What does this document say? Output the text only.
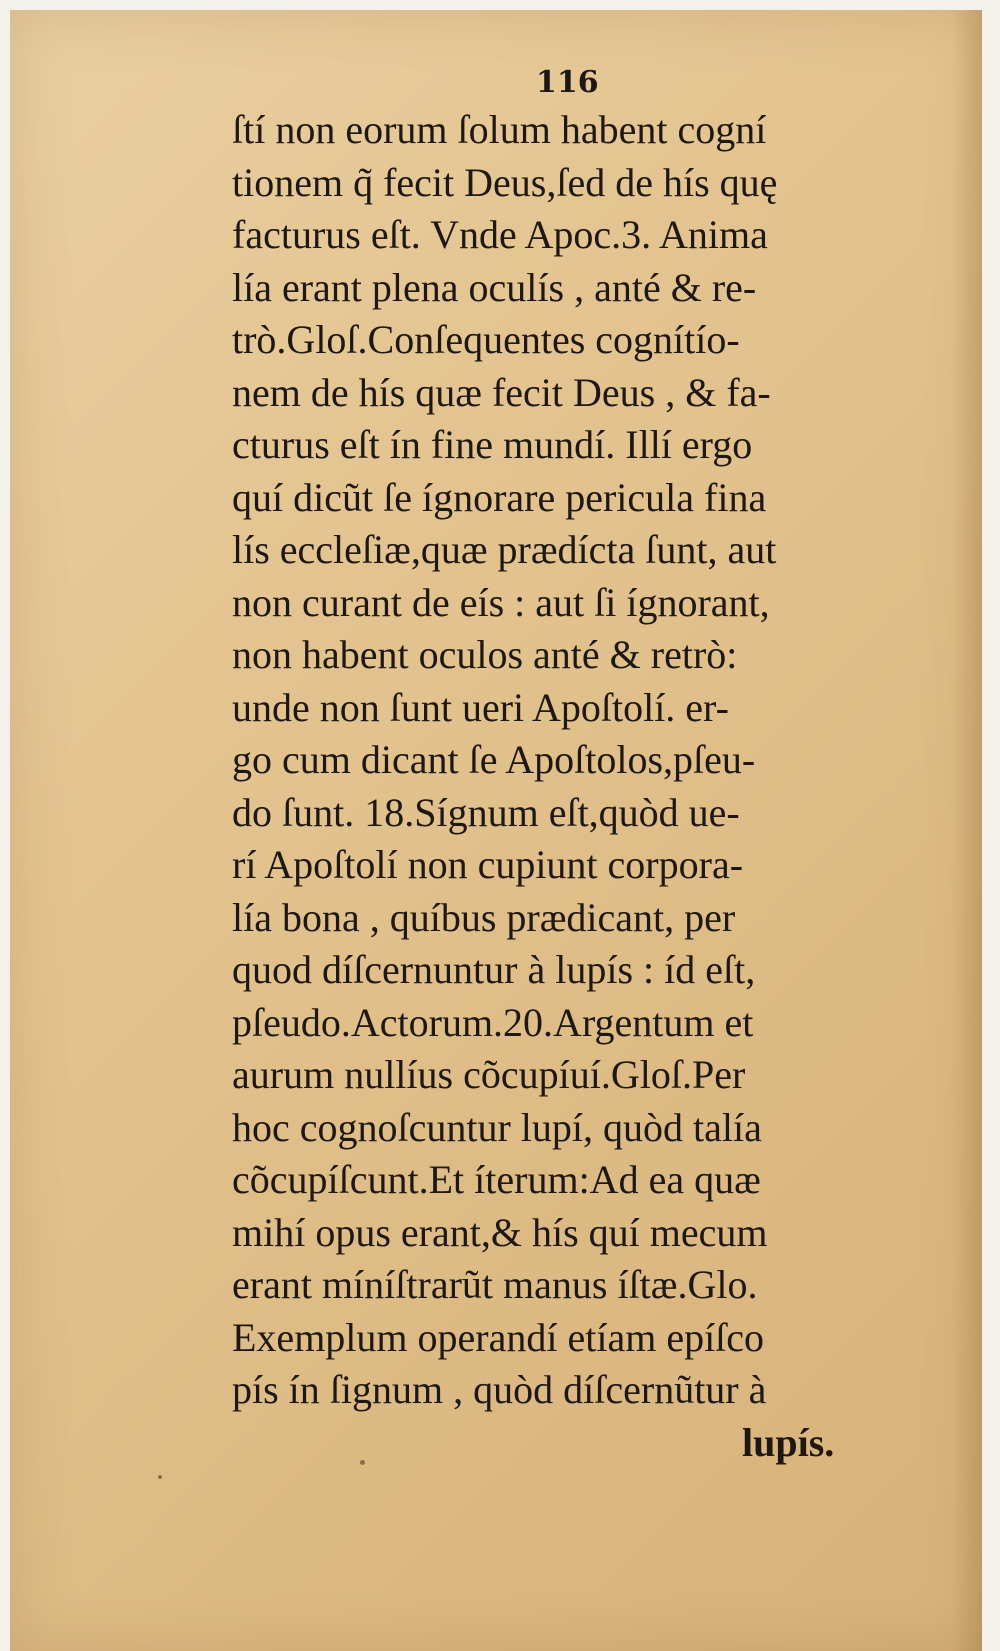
116
ſtí non eorum ſolum habent cogní
tionem q̃ fecit Deus,ſed de hís quę
facturus eſt. Vnde Apoc.3. Anima
lía erant plena oculís , anté & re-
trò.Gloſ.Conſequentes cognítío-
nem de hís quæ fecit Deus , & fa-
cturus eſt ín fine mundí. Illí ergo
quí dicũt ſe ígnorare pericula fina
lís eccleſiæ,quæ prædícta ſunt, aut
non curant de eís : aut ſi ígnorant,
non habent oculos anté & retrò:
unde non ſunt ueri Apoſtolí. er-
go cum dicant ſe Apoſtolos,pſeu-
do ſunt. 18.Sígnum eſt,quòd ue-
rí Apoſtolí non cupiunt corpora-
lía bona , quíbus prædicant, per
quod díſcernuntur à lupís : íd eſt,
pſeudo.Actorum.20.Argentum et
aurum nullíus cõcupíuí.Gloſ.Per
hoc cognoſcuntur lupí, quòd talía
cõcupíſcunt.Et íterum:Ad ea quæ
mihí opus erant,& hís quí mecum
erant míníſtrarũt manus íſtæ.Glo.
Exemplum operandí etíam epíſco
pís ín ſignum , quòd díſcernũtur à
lupís.
